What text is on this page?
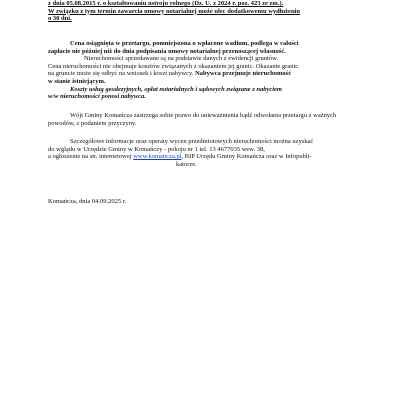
z dnia 05.08.2015 r. o kształtowaniu ustroju rolnego (Dz. U. z 2024 r. poz. 423 ze zm.).
W związku z tym termin zawarcia umowy notarialnej może ulec dodatkowemu wydłużeniu
o 30 dni.
Cena osiągnięta w przetargu, pomniejszona o wpłacone wadium, podlega w całości
zapłacie nie później niż do dnia podpisania umowy notarialnej przenoszącej własność.
Nieruchomości sprzedawane są na podstawie danych z ewidencji gruntów.
Cena nieruchomości nie obejmuje kosztów związanych z okazaniem jej granic. Okazanie granic
na gruncie może się odbyć na wniosek i koszt nabywcy. Nabywca przejmuje nieruchomość
w stanie istniejącym.
Koszty usług geodezyjnych, opłat notarialnych i sądowych związane z nabyciem
w/w nieruchomości ponosi nabywca.
Wójt Gminy Komańcza zastrzega sobie prawo do unieważnienia bądź odwołania przetargu z ważnych
powodów, z podaniem przyczyny.
Szczegółowe informacje oraz operaty wycen przedmiotowych nieruchomości można uzyskać
do wglądu w Urzędzie Gminy w Komańczy - pokoju nr 1 tel. 13 4677035 wew. 38,
a ogłoszenie na str. internetowej www.komancza.pl, BIP Urzędu Gminy Komańcza oraz w Infopubli-
katorze.
Komańcza, dnia 04.09.2025 r.
